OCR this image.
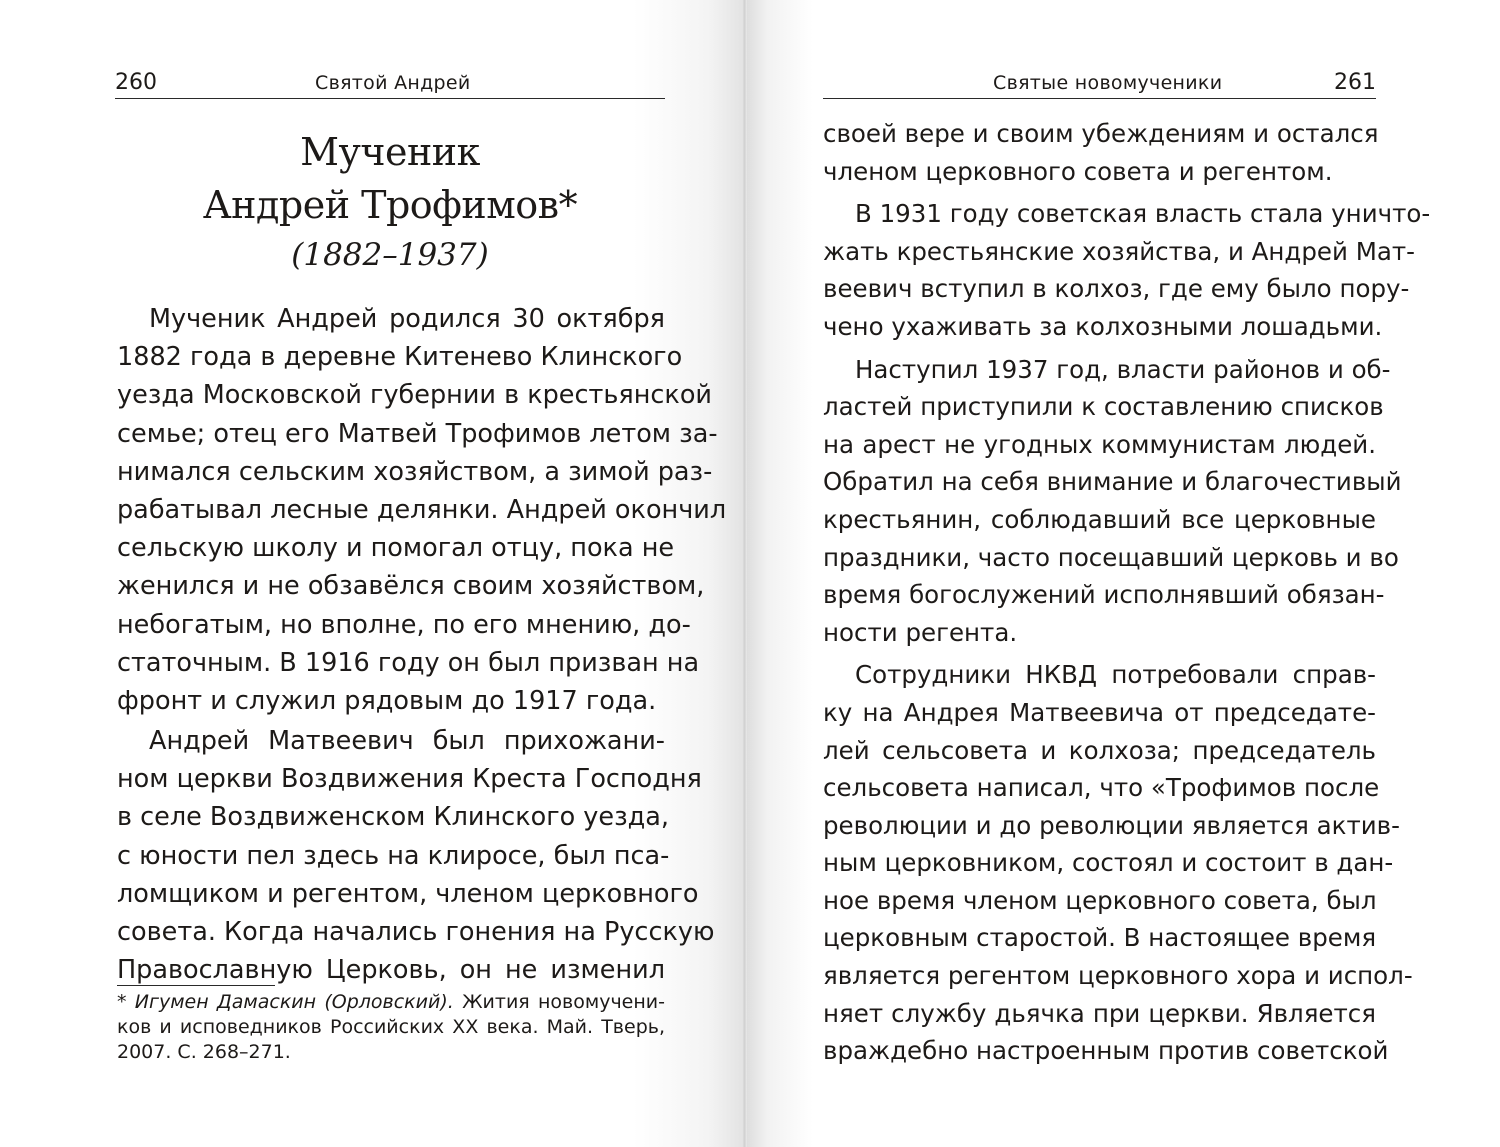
260	Святой Андрей
Мученик
Андрей Трофимов*
(1882–1937)
Мученик Андрей родился 30 октября
1882 года в деревне Китенево Клинского
уезда Московской губернии в крестьянской
семье; отец его Матвей Трофимов летом за-
нимался сельским хозяйством, а зимой раз-
рабатывал лесные делянки. Андрей окончил
сельскую школу и помогал отцу, пока не
женился и не обзавёлся своим хозяйством,
небогатым, но вполне, по его мнению, до-
статочным. В 1916 году он был призван на
фронт и служил рядовым до 1917 года.
Андрей Матвеевич был прихожани-
ном церкви Воздвижения Креста Господня
в селе Воздвиженском Клинского уезда,
с юности пел здесь на клиросе, был пса-
ломщиком и регентом, членом церковного
совета. Когда начались гонения на Русскую
Православную Церковь, он не изменил
* Игумен Дамаскин (Орловский). Жития новомучени-
ков и исповедников Российских XX века. Май. Тверь,
2007. С. 268–271.
Святые новомученики	261
своей вере и своим убеждениям и остался
членом церковного совета и регентом.
В 1931 году советская власть стала уничто-
жать крестьянские хозяйства, и Андрей Мат-
веевич вступил в колхоз, где ему было пору-
чено ухаживать за колхозными лошадьми.
Наступил 1937 год, власти районов и об-
ластей приступили к составлению списков
на арест не угодных коммунистам людей.
Обратил на себя внимание и благочестивый
крестьянин, соблюдавший все церковные
праздники, часто посещавший церковь и во
время богослужений исполнявший обязан-
ности регента.
Сотрудники НКВД потребовали справ-
ку на Андрея Матвеевича от председате-
лей сельсовета и колхоза; председатель
сельсовета написал, что «Трофимов после
революции и до революции является актив-
ным церковником, состоял и состоит в дан-
ное время членом церковного совета, был
церковным старостой. В настоящее время
является регентом церковного хора и испол-
няет службу дьячка при церкви. Является
враждебно настроенным против советской
